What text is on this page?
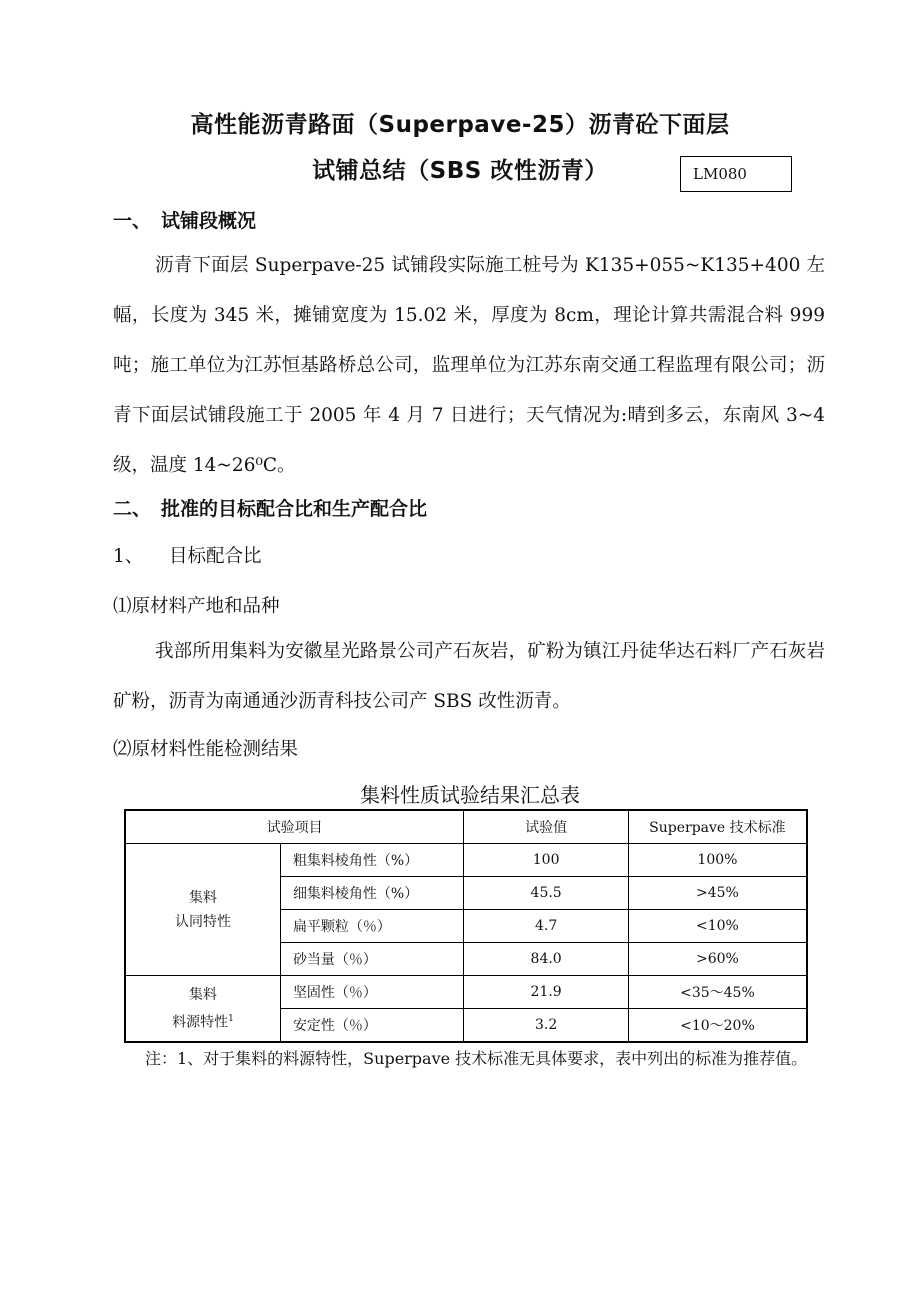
高性能沥青路面（Superpave-25）沥青砼下面层
试铺总结（SBS 改性沥青）	LM080
一、 试铺段概况

沥青下面层 Superpave-25 试铺段实际施工桩号为 K135+055~K135+400 左幅，长度为 345 米，摊铺宽度为 15.02 米，厚度为 8cm，理论计算共需混合料 999 吨；施工单位为江苏恒基路桥总公司，监理单位为江苏东南交通工程监理有限公司；沥青下面层试铺段施工于 2005 年 4 月 7 日进行；天气情况为:晴到多云，东南风 3~4 级，温度 14~26⁰C。

二、 批准的目标配合比和生产配合比
1、 目标配合比
⑴原材料产地和品种

我部所用集料为安徽星光路景公司产石灰岩，矿粉为镇江丹徒华达石料厂产石灰岩矿粉，沥青为南通通沙沥青科技公司产 SBS 改性沥青。

⑵原材料性能检测结果
集料性质试验结果汇总表
试验项目		试验值	Superpave 技术标准

集料
认同特性	粗集料棱角性（%）	100	100%
	细集料棱角性（%）	45.5	>45%
	扁平颗粒（％）	4.7	<10%
	砂当量（％）	84.0	>60%

集料
料源特性$^1$	坚固性（％）	21.9	<35～45%
	安定性（％）	3.2	<10～20%

注：1、对于集料的料源特性，Superpave 技术标准无具体要求，表中列出的标准为推荐值。
